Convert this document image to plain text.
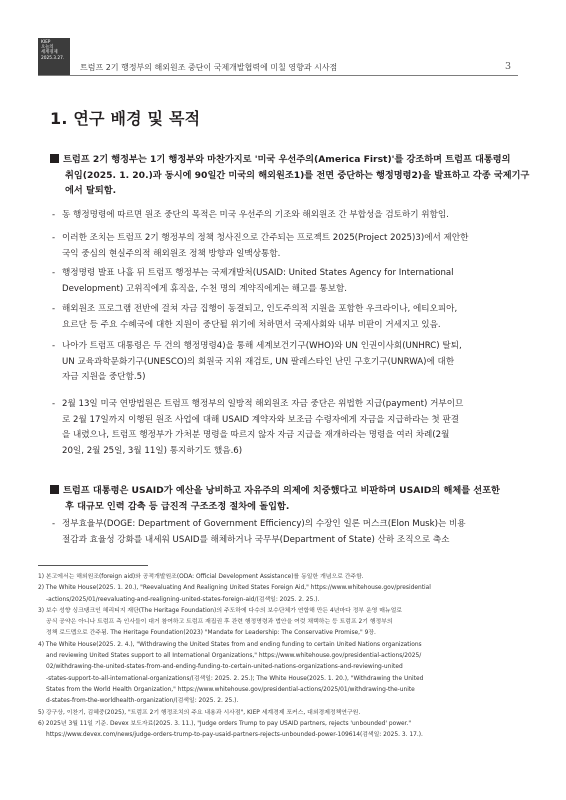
KIEP
오늘의
세계경제
2025.3.27.
트럼프 2기 행정부의 해외원조 중단이 국제개발협력에 미칠 영향과 시사점	3
1. 연구 배경 및 목적
트럼프 2기 행정부는 1기 행정부와 마찬가지로 '미국 우선주의(America First)'를 강조하며 트럼프 대통령의
취임(2025. 1. 20.)과 동시에 90일간 미국의 해외원조1)를 전면 중단하는 행정명령2)을 발표하고 각종 국제기구
에서 탈퇴함.
- 동 행정명령에 따르면 원조 중단의 목적은 미국 우선주의 기조와 해외원조 간 부합성을 검토하기 위함임.
- 이러한 조치는 트럼프 2기 행정부의 정책 청사진으로 간주되는 프로젝트 2025(Project 2025)3)에서 제안한
국익 중심의 현실주의적 해외원조 정책 방향과 일맥상통함.
- 행정명령 발표 나흘 뒤 트럼프 행정부는 국제개발처(USAID: United States Agency for International
Development) 고위직에게 휴직을, 수천 명의 계약직에게는 해고를 통보함.
- 해외원조 프로그램 전반에 걸쳐 자금 집행이 동결되고, 인도주의적 지원을 포함한 우크라이나, 에티오피아,
요르단 등 주요 수혜국에 대한 지원이 중단될 위기에 처하면서 국제사회와 내부 비판이 거세지고 있음.
- 나아가 트럼프 대통령은 두 건의 행정명령4)을 통해 세계보건기구(WHO)와 UN 인권이사회(UNHRC) 탈퇴,
UN 교육과학문화기구(UNESCO)의 회원국 지위 재검토, UN 팔레스타인 난민 구호기구(UNRWA)에 대한
자금 지원을 중단함.5)
- 2월 13일 미국 연방법원은 트럼프 행정부의 일방적 해외원조 자금 중단은 위법한 지급(payment) 거부이므
로 2월 17일까지 이행된 원조 사업에 대해 USAID 계약자와 보조금 수령자에게 자금을 지급하라는 첫 판결
을 내렸으나, 트럼프 행정부가 가처분 명령을 따르지 않자 자금 지급을 재개하라는 명령을 여러 차례(2월
20일, 2월 25일, 3월 11일) 통지하기도 했음.6)
트럼프 대통령은 USAID가 예산을 낭비하고 자유주의 의제에 치중했다고 비판하며 USAID의 해체를 선포한
후 대규모 인력 감축 등 급진적 구조조정 절차에 돌입함.
- 정부효율부(DOGE: Department of Government Efficiency)의 수장인 일론 머스크(Elon Musk)는 비용
절감과 효율성 강화를 내세워 USAID를 해체하거나 국무부(Department of State) 산하 조직으로 축소
1) 본고에서는 해외원조(foreign aid)와 공적개발원조(ODA: Official Development Assistance)를 동일한 개념으로 간주함.
2) The White House(2025. 1. 20.), "Reevaluating And Realigning United States Foreign Aid," https://www.whitehouse.gov/presidential
-actions/2025/01/reevaluating-and-realigning-united-states-foreign-aid/(검색일: 2025. 2. 25.).
3) 보수 성향 싱크탱크인 헤리티지 재단(The Heritage Foundation)의 주도하에 다수의 보수단체가 연합해 만든 4년마다 정부 운영 매뉴얼로
공식 공약은 아니나 트럼프 측 인사들이 대거 참여하고 트럼프 재집권 후 관련 행정명령과 법안을 여럿 채택하는 등 트럼프 2기 행정부의
정책 로드맵으로 간주됨. The Heritage Foundation(2023) "Mandate for Leadership: The Conservative Promise," 9장.
4) The White House(2025. 2. 4.), "Withdrawing the United States from and ending funding to certain United Nations organizations
and reviewing United States support to all International Organizations," https://www.whitehouse.gov/presidential-actions/2025/
02/withdrawing-the-united-states-from-and-ending-funding-to-certain-united-nations-organizations-and-reviewing-united
-states-support-to-all-international-organizations/(검색일: 2025. 2. 25.); The White House(2025. 1. 20.), "Withdrawing the United
States from the World Health Organization," https://www.whitehouse.gov/presidential-actions/2025/01/withdrawing-the-unite
d-states-from-the-worldhealth-organization/(검색일: 2025. 2. 25.).
5) 강구상, 이찬기, 김혜중(2025), "트럼프 2기 행정조치의 주요 내용과 시사점", KIEP 세계경제 포커스, 대외경제정책연구원.
6) 2025년 3월 11일 기준. Devex 보도자료(2025. 3. 11.), "Judge orders Trump to pay USAID partners, rejects 'unbounded' power."
https://www.devex.com/news/judge-orders-trump-to-pay-usaid-partners-rejects-unbounded-power-109614(검색일: 2025. 3. 17.).
